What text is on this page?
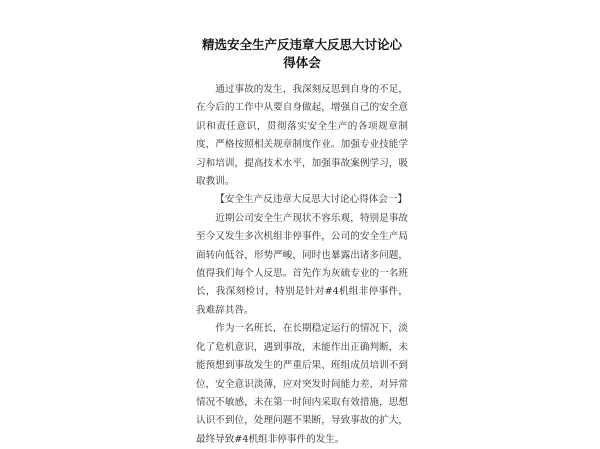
精选安全生产反违章大反思大讨论心
得体会

通过事故的发生，我深刻反思到自身的不足，在今后的工作中从要自身做起，增强自己的安全意识和责任意识，贯彻落实安全生产的各项规章制度，严格按照相关规章制度作业。加强专业技能学习和培训，提高技术水平，加强事故案例学习，吸取教训。

【安全生产反违章大反思大讨论心得体会一】

近期公司安全生产现状不容乐观，特别是事故至今又发生多次机组非停事件，公司的安全生产局面转向低谷，形势严峻，同时也暴露出诸多问题，值得我们每个人反思。首先作为灰硫专业的一名班长，我深刻检讨，特别是针对#4机组非停事件，我难辞其咎。

作为一名班长，在长期稳定运行的情况下，淡化了危机意识，遇到事故，未能作出正确判断，未能预想到事故发生的严重后果、班组成员培训不到位，安全意识淡薄，应对突发时间能力差，对异常情况不敏感，未在第一时间内采取有效措施，思想认识不到位，处理问题不果断，导致事故的扩大，最终导致#4机组非停事件的发生。
